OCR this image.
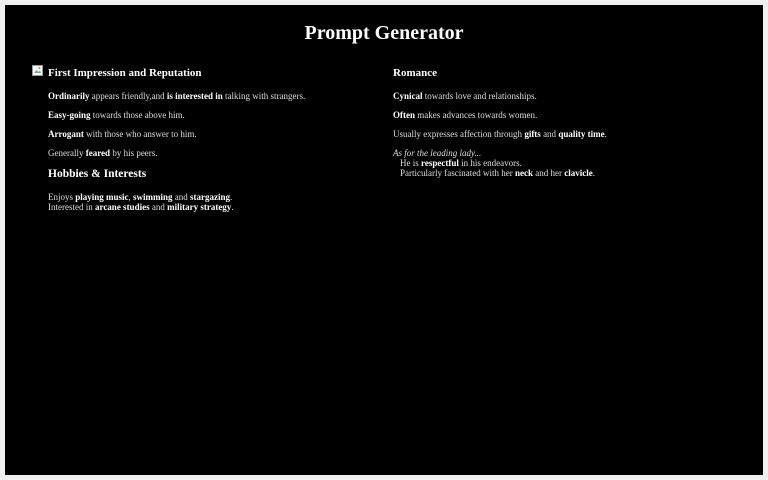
Prompt Generator
First Impression and Reputation
Ordinarily appears friendly,and is interested in talking with strangers.
Easy-going towards those above him.
Arrogant with those who answer to him.
Generally feared by his peers.
Hobbies & Interests
Enjoys playing music, swimming and stargazing.
Interested in arcane studies and military strategy.
Romance
Cynical towards love and relationships.
Often makes advances towards women.
Usually expresses affection through gifts and quality time.
As for the leading lady...
He is respectful in his endeavors.
Particularly fascinated with her neck and her clavicle.
